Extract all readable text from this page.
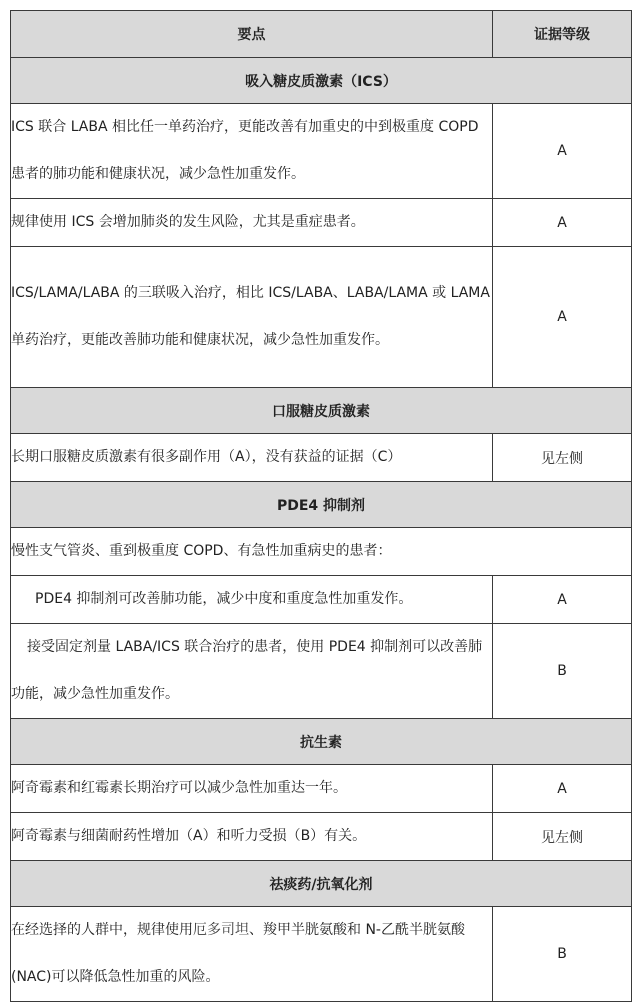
要点	证据等级
吸入糖皮质激素（ICS）	
ICS 联合 LABA 相比任一单药治疗，更能改善有加重史的中到极重度 COPD 患者的肺功能和健康状况，减少急性加重发作。	A
规律使用 ICS 会增加肺炎的发生风险，尤其是重症患者。	A
ICS/LAMA/LABA 的三联吸入治疗，相比 ICS/LABA、LABA/LAMA 或 LAMA 单药治疗，更能改善肺功能和健康状况，减少急性加重发作。	A
口服糖皮质激素	
长期口服糖皮质激素有很多副作用（A），没有获益的证据（C）	见左侧
PDE4 抑制剂	
慢性支气管炎、重到极重度 COPD、有急性加重病史的患者：	
PDE4 抑制剂可改善肺功能，减少中度和重度急性加重发作。	A
接受固定剂量 LABA/ICS 联合治疗的患者，使用 PDE4 抑制剂可以改善肺功能，减少急性加重发作。	B
抗生素	
阿奇霉素和红霉素长期治疗可以减少急性加重达一年。	A
阿奇霉素与细菌耐药性增加（A）和听力受损（B）有关。	见左侧
祛痰药/抗氧化剂	
在经选择的人群中，规律使用厄多司坦、羧甲半胱氨酸和 N-乙酰半胱氨酸(NAC)可以降低急性加重的风险。	B
